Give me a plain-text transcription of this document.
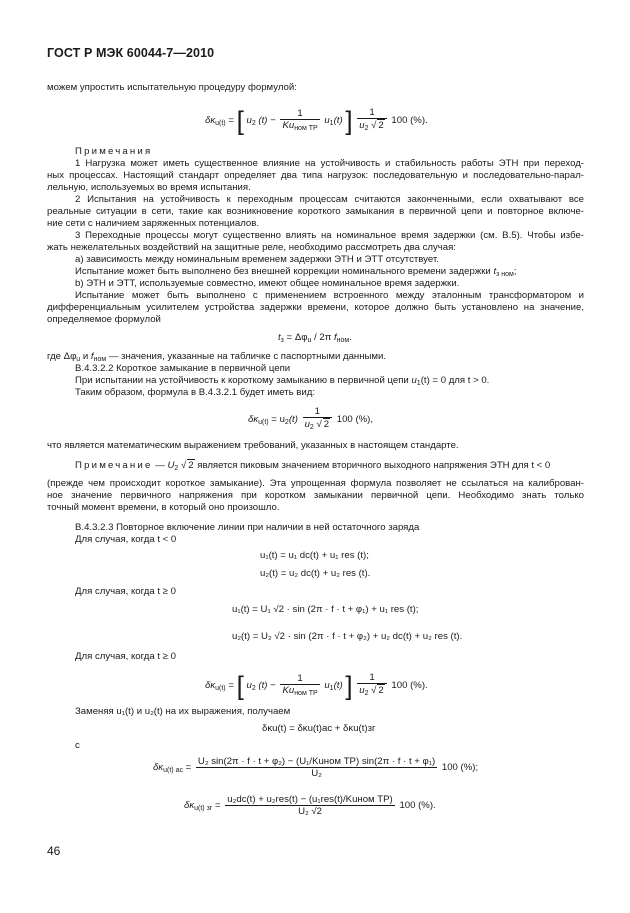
ГОСТ Р МЭК 60044-7—2010
можем упростить испытательную процедуру формулой:
$\delta\kappa_{u(t)}$ = [ $u_2$ $(t) - \frac{1}{Ku_{ном ТР}} u_1(t)$ ] $\frac{1}{u_2 √ 2} 100$ (%).
Примечания
1 Нагрузка может иметь существенное влияние на устойчивость и стабильность работы ЭТН при переход-
ных процессах. Настоящий стандарт определяет два типа нагрузок: последовательную и последовательно-парал-
лельную, используемых во время испытания.
2 Испытания на устойчивость к переходным процессам считаются законченными, если охватывают все
реальные ситуации в сети, такие как возникновение короткого замыкания в первичной цепи и повторное включе-
ние сети с наличием заряженных потенциалов.
3 Переходные процессы могут существенно влиять на номинальное время задержки (см. В.5). Чтобы избе-
жать нежелательных воздействий на защитные реле, необходимо рассмотреть два случая:
а) зависимость между номинальным временем задержки ЭТН и ЭТТ отсутствует.
Испытание может быть выполнено без внешней коррекции номинального времени задержки $t_{з ном}$;
b) ЭТН и ЭТТ, используемые совместно, имеют общее номинальное время задержки.
Испытание может быть выполнено с применением встроенного между эталонным трансформатором и
дифференциальным усилителем устройства задержки времени, которое должно быть установлено на значение,
определяемое формулой
$t_з = \Delta\varphi_u / 2\pi$ $f_{ном}$.
где $\Delta\varphi_u$ и $f_{ном}$ — значения, указанные на табличке с паспортными данными.
В.4.3.2.2 Короткое замыкание в первичной цепи
При испытании на устойчивость к короткому замыканию в первичной цепи $u_1(t) = 0$ для t > 0.
Таким образом, формула в В.4.3.2.1 будет иметь вид:
$\delta\kappa_{u(t)} = u_2(t) \frac{1}{u_2 √ 2} 100$ (%),
что является математическим выражением требований, указанных в настоящем стандарте.
Примечание — $U_2$ √ 2 является пиковым значением вторичного выходного напряжения ЭТН для t < 0
(прежде чем происходит короткое замыкание). Эта упрощенная формула позволяет не ссылаться на калиброван-
ное значение первичного напряжения при коротком замыкании первичной цепи. Необходимо знать только
точный момент времени, в который оно произошло.
В.4.3.2.3 Повторное включение линии при наличии в ней остаточного заряда
Для случая, когда t < 0
u₁(t) = u₁ dc(t) + u₁ res (t);
u₂(t) = u₂ dc(t) + u₂ res (t).
Для случая, когда t ≥ 0
u₁(t) = U₁ √2 · sin (2π · f · t + φ₁) + u₁ res (t);
u₂(t) = U₂ √2 · sin (2π · f · t + φ₂) + u₂ dc(t) + u₂ res (t).
Для случая, когда t ≥ 0
$\delta\kappa_{u(t)}$ = [ $u_2$ $(t) - \frac{1}{Ku_{ном ТР}} u_1(t)$ ] $\frac{1}{u_2 √ 2} 100$ (%).
Заменяя u₁(t) и u₂(t) на их выражения, получаем
δκu(t) = δκu(t)ac + δκu(t)зг
с
$\delta\kappa_{u(t) ac} = \frac{\text{U₂ sin(2π · f · t + φ₂) − (U₁/Kuном ТР) sin(2π · f · t + φ₁)}}{\text{U₂}} 100$ (%);
$\delta\kappa_{u(t) зг} = \frac{\text{u₂dc(t) + u₂res(t) − (u₁res(t)/Kuном ТР)}}{\text{U₂ √2}} 100$ (%).
46
